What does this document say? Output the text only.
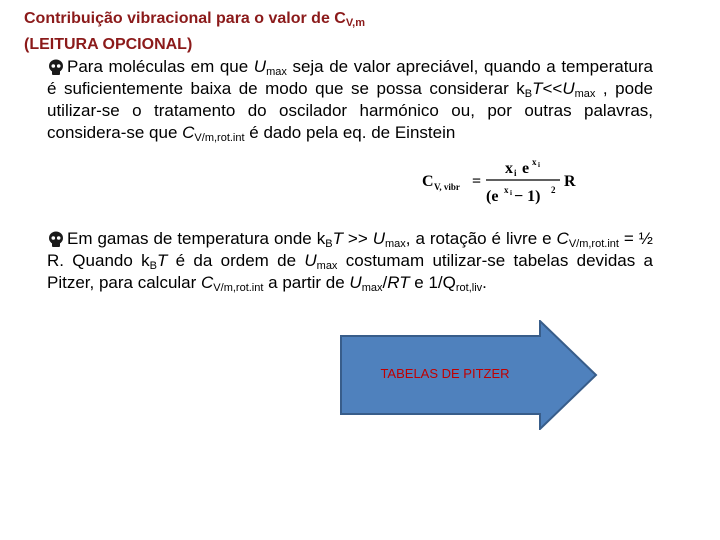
Contribuição vibracional para o valor de $C_{V,m}$
(LEITURA OPCIONAL)
Para moléculas em que $U_{max}$ seja de valor apreciável, quando a temperatura é suficientemente baixa de modo que se possa considerar $k_BT<<U_{max}$ , pode utilizar-se o tratamento do oscilador harmónico ou, por outras palavras, considera-se que $C_{V/m,rot.int}$ é dado pela eq. de Einstein
C V, vibr =
x i e x i
(e x i − 1) 2 R
Em gamas de temperatura onde $k_BT >> U_{max}$, a rotação é livre e $C_{V/m,rot.int}$ = ½ R. Quando $k_BT$ é da ordem de $U_{max}$ costumam utilizar-se tabelas devidas a Pitzer, para calcular $C_{V/m,rot.int}$ a partir de $U_{max}/RT$ e $1/Q_{rot,liv}$.
TABELAS DE PITZER
